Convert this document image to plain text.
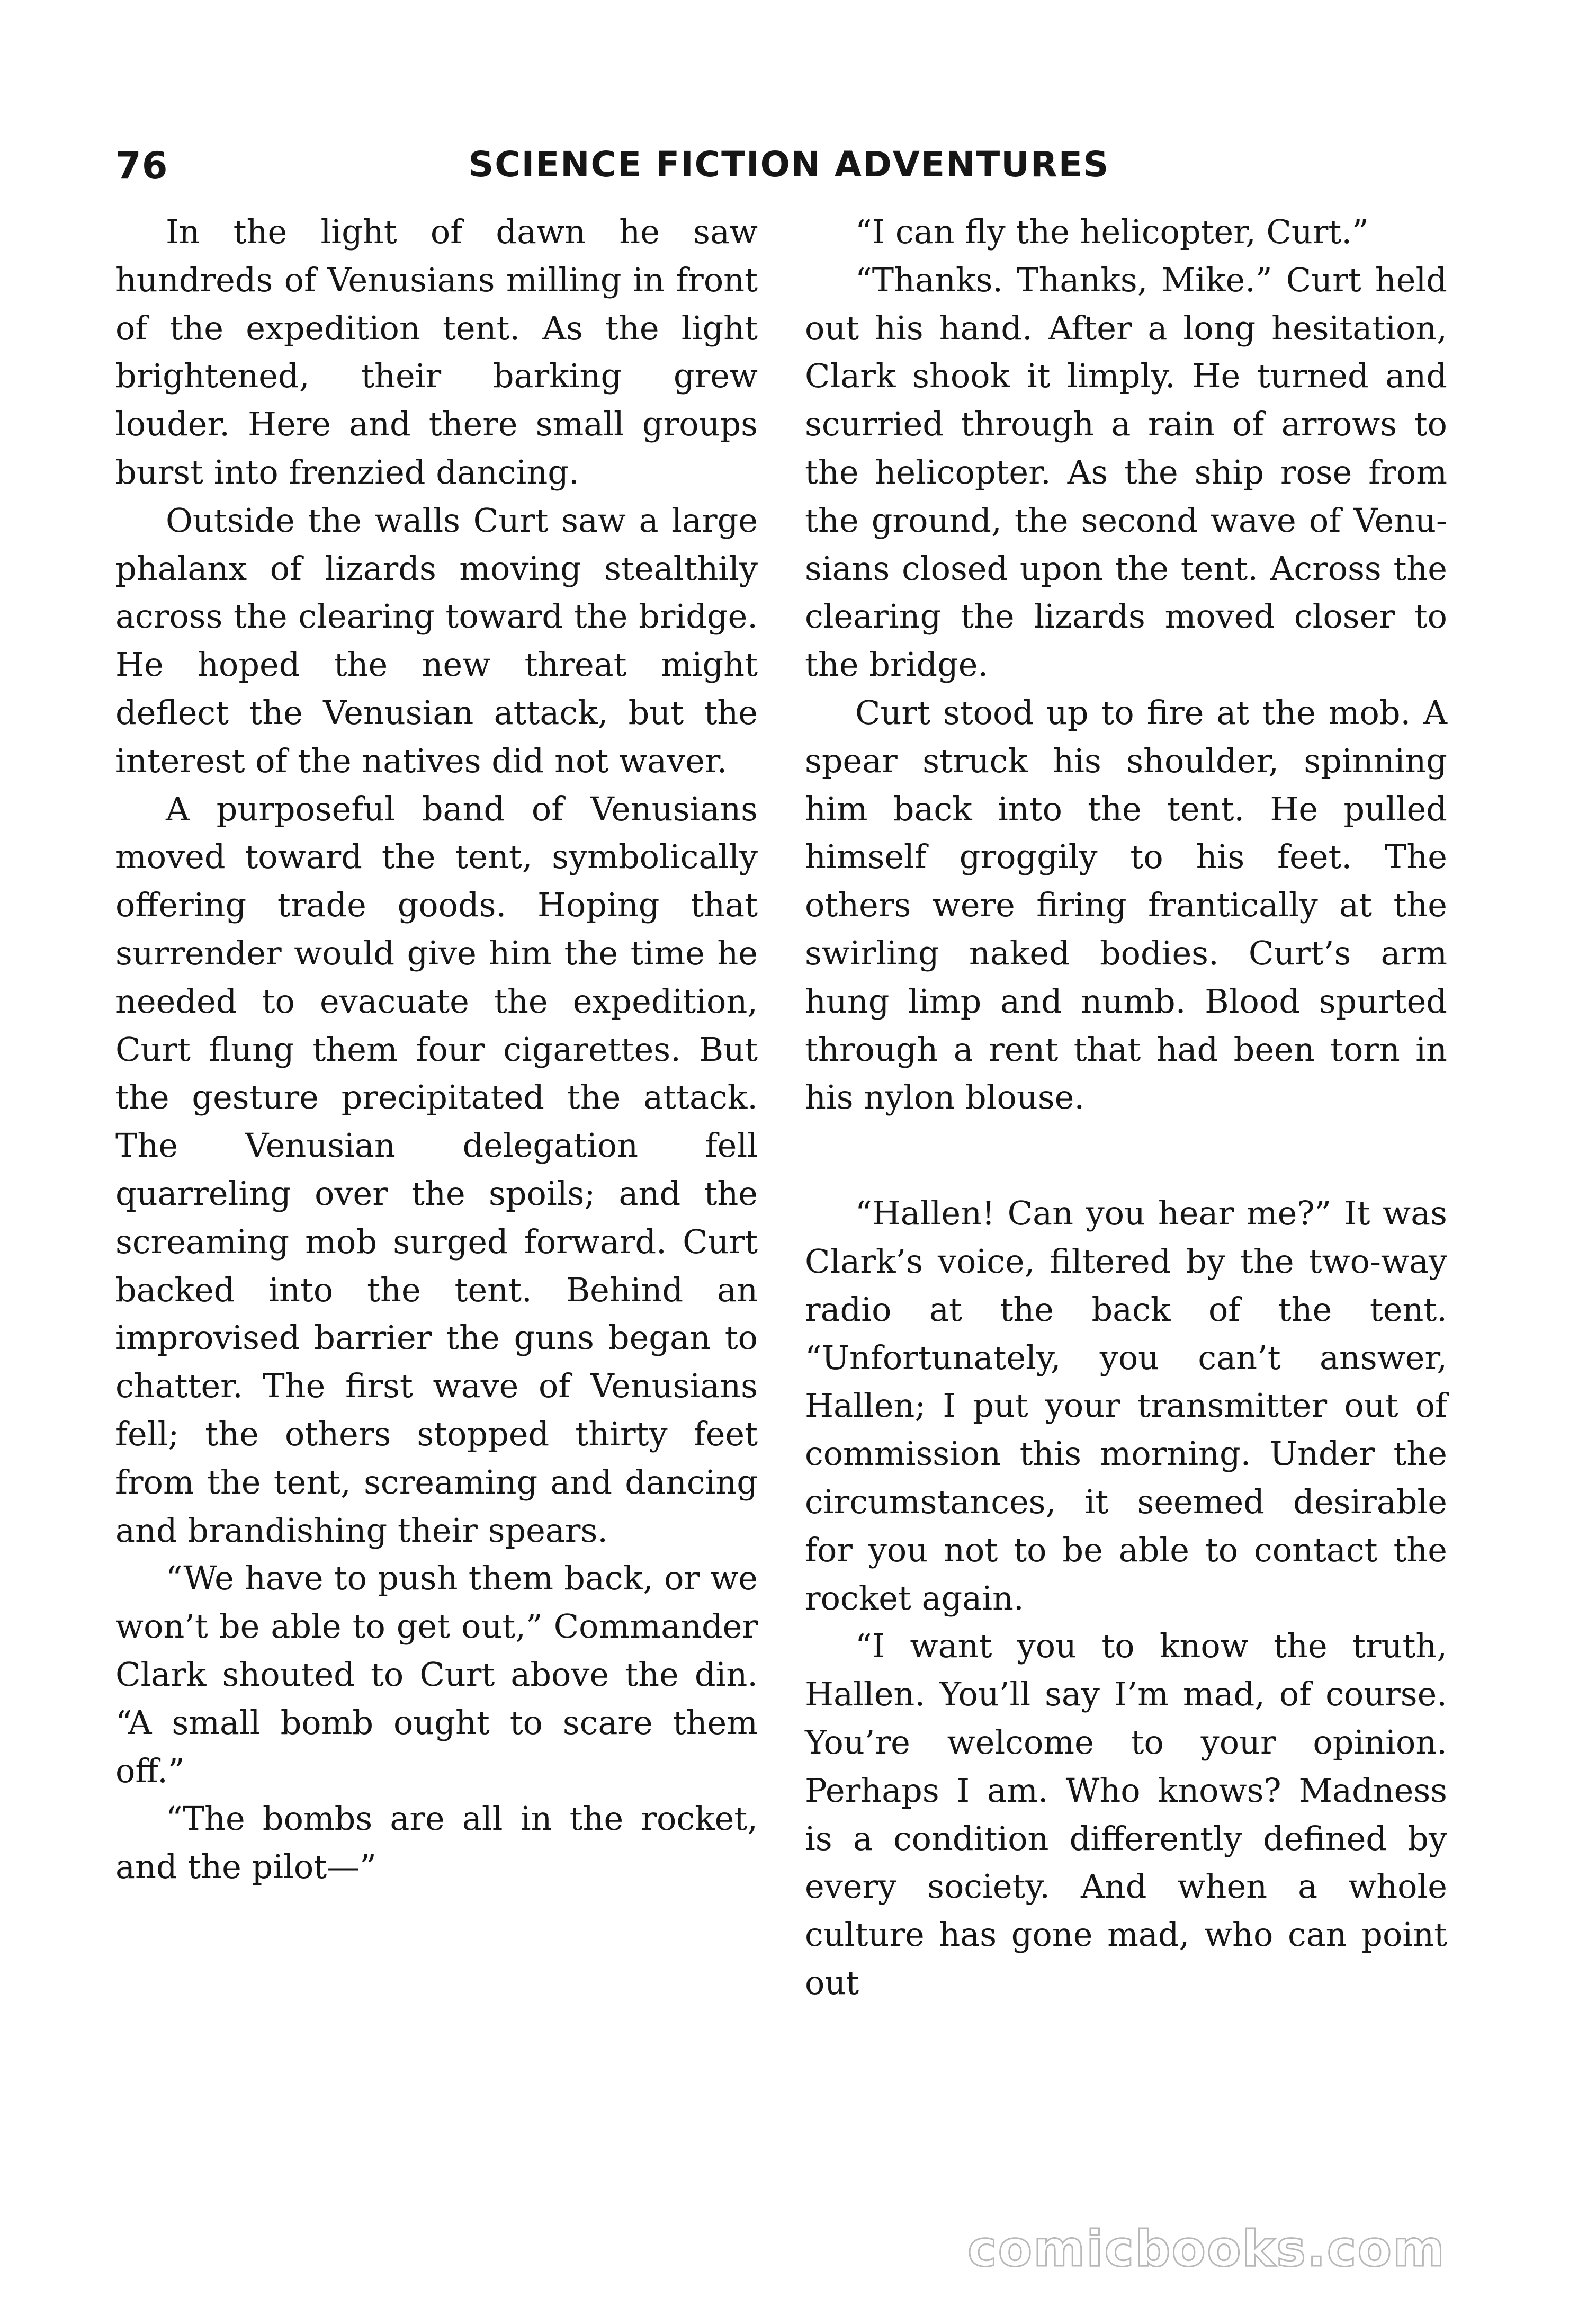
76	SCIENCE FICTION ADVENTURES

In the light of dawn he saw hundreds of Venusians milling in front of the expedition tent. As the light brightened, their barking grew louder. Here and there small groups burst into frenzied dancing.

Outside the walls Curt saw a large phalanx of lizards moving stealthily across the clearing toward the bridge. He hoped the new threat might deflect the Venusian attack, but the interest of the natives did not waver.

A purposeful band of Venusians moved toward the tent, symbolically offering trade goods. Hoping that surrender would give him the time he needed to evacuate the expedition, Curt flung them four cigarettes. But the gesture precipitated the attack. The Venusian delegation fell quarreling over the spoils; and the screaming mob surged forward. Curt backed into the tent. Behind an improvised barrier the guns began to chatter. The first wave of Venusians fell; the others stopped thirty feet from the tent, screaming and dancing and brandishing their spears.

“We have to push them back, or we won’t be able to get out,” Commander Clark shouted to Curt above the din. “A small bomb ought to scare them off.”

“The bombs are all in the rocket, and the pilot—”

“I can fly the helicopter, Curt.”

“Thanks. Thanks, Mike.” Curt held out his hand. After a long hesitation, Clark shook it limply. He turned and scurried through a rain of arrows to the helicopter. As the ship rose from the ground, the second wave of Venusians closed upon the tent. Across the clearing the lizards moved closer to the bridge.

Curt stood up to fire at the mob. A spear struck his shoulder, spinning him back into the tent. He pulled himself groggily to his feet. The others were firing frantically at the swirling naked bodies. Curt’s arm hung limp and numb. Blood spurted through a rent that had been torn in his nylon blouse.

“Hallen! Can you hear me?” It was Clark’s voice, filtered by the two-way radio at the back of the tent. “Unfortunately, you can’t answer, Hallen; I put your transmitter out of commission this morning. Under the circumstances, it seemed desirable for you not to be able to contact the rocket again.

“I want you to know the truth, Hallen. You’ll say I’m mad, of course. You’re welcome to your opinion. Perhaps I am. Who knows? Madness is a condition differently defined by every society. And when a whole culture has gone mad, who can point out

comicbooks.com
